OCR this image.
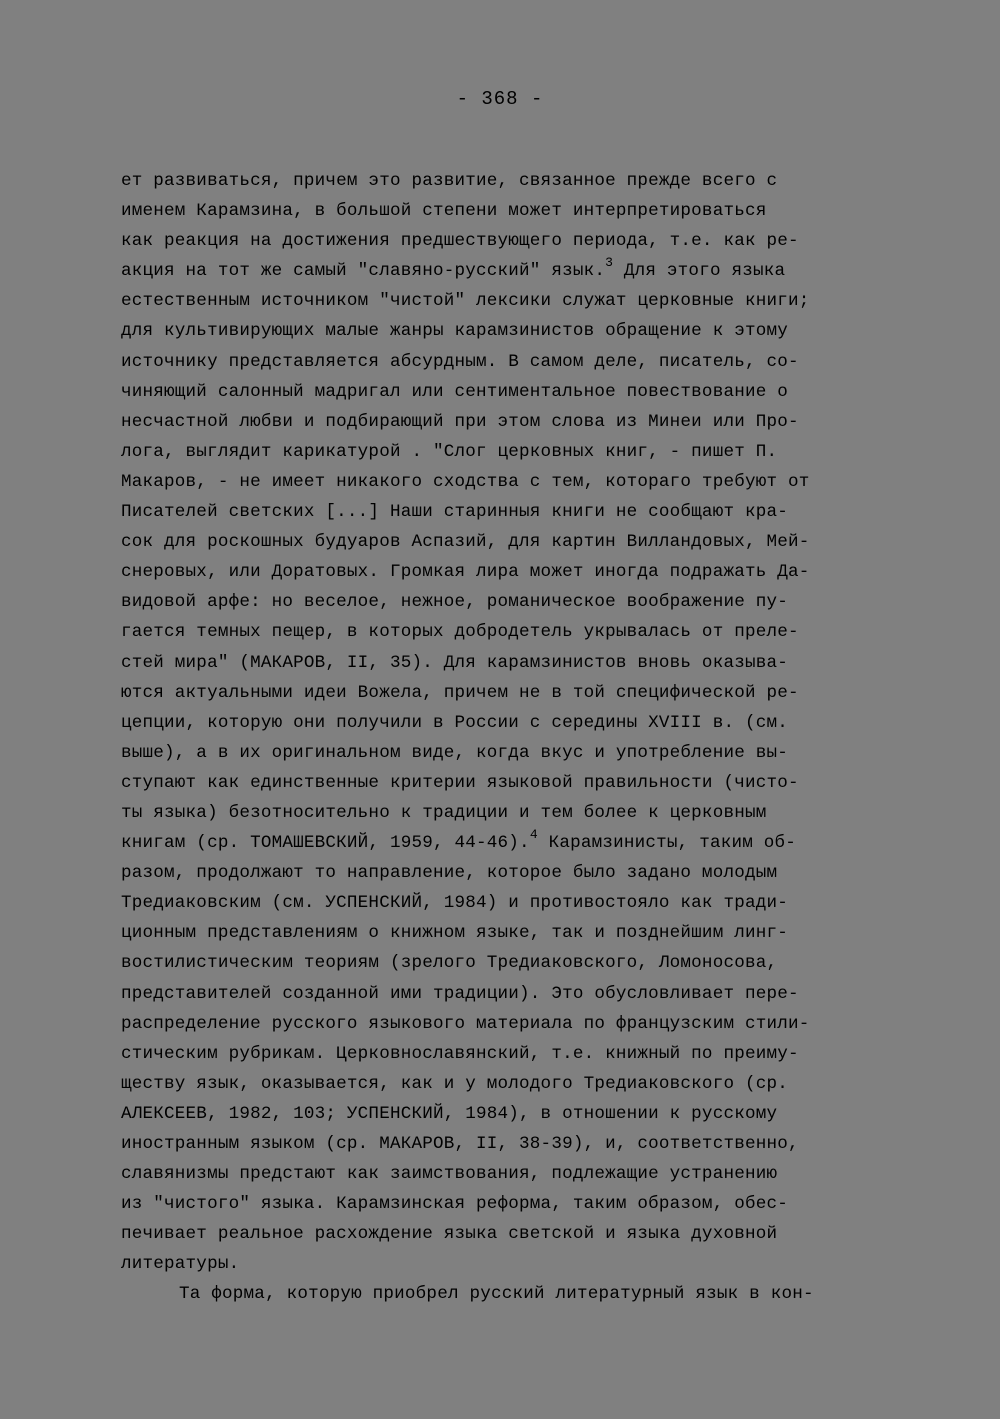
- 368 -
ет развиваться, причем это развитие, связанное прежде всего с
именем Карамзина, в большой степени может интерпретироваться
как реакция на достижения предшествующего периода, т.е. как ре-
акция на тот же самый "славяно-русский" язык.$^3$ Для этого языка
естественным источником "чистой" лексики служат церковные книги;
для культивирующих малые жанры карамзинистов обращение к этому
источнику представляется абсурдным. В самом деле, писатель, со-
чиняющий салонный мадригал или сентиментальное повествование о
несчастной любви и подбирающий при этом слова из Минеи или Про-
лога, выглядит карикатурой . "Слог церковных книг, - пишет П.
Макаров, - не имеет никакого сходства с тем, котораго требуют от
Писателей светских [...] Наши старинныя книги не сообщают кра-
сок для роскошных будуаров Аспазий, для картин Вилландовых, Мей-
снеровых, или Доратовых. Громкая лира может иногда подражать Да-
видовой арфе: но веселое, нежное, романическое воображение пу-
гается темных пещер, в которых добродетель укрывалась от преле-
стей мира" (МАКАРОВ, II, 35). Для карамзинистов вновь оказыва-
ются актуальными идеи Вожела, причем не в той специфической ре-
цепции, которую они получили в России с середины XVIII в. (см.
выше), а в их оригинальном виде, когда вкус и употребление вы-
ступают как единственные критерии языковой правильности (чисто-
ты языка) безотносительно к традиции и тем более к церковным
книгам (ср. ТОМАШЕВСКИЙ, 1959, 44-46).$^4$ Карамзинисты, таким об-
разом, продолжают то направление, которое было задано молодым
Тредиаковским (см. УСПЕНСКИЙ, 1984) и противостояло как тради-
ционным представлениям о книжном языке, так и позднейшим линг-
востилистическим теориям (зрелого Тредиаковского, Ломоносова,
представителей созданной ими традиции). Это обусловливает пере-
распределение русского языкового материала по французским стили-
стическим рубрикам. Церковнославянский, т.е. книжный по преиму-
ществу язык, оказывается, как и у молодого Тредиаковского (ср.
АЛЕКСЕЕВ, 1982, 103; УСПЕНСКИЙ, 1984), в отношении к русскому
иностранным языком (ср. МАКАРОВ, II, 38-39), и, соответственно,
славянизмы предстают как заимствования, подлежащие устранению
из "чистого" языка. Карамзинская реформа, таким образом, обес-
печивает реальное расхождение языка светской и языка духовной
литературы.
Та форма, которую приобрел русский литературный язык в кон-
